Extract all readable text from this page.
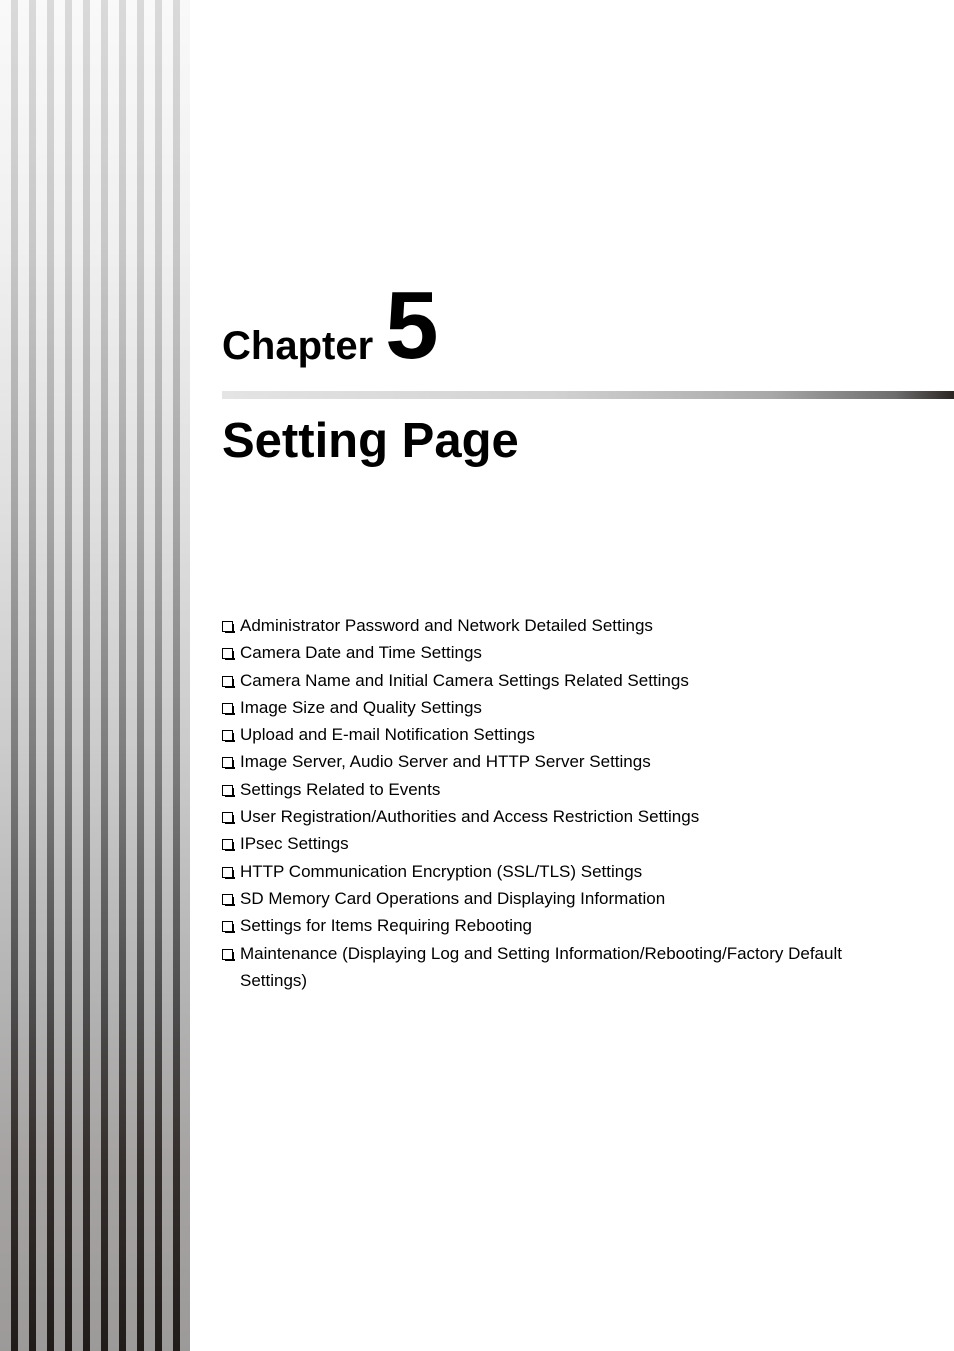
Chapter 5
Setting Page
Administrator Password and Network Detailed Settings
Camera Date and Time Settings
Camera Name and Initial Camera Settings Related Settings
Image Size and Quality Settings
Upload and E-mail Notification Settings
Image Server, Audio Server and HTTP Server Settings
Settings Related to Events
User Registration/Authorities and Access Restriction Settings
IPsec Settings
HTTP Communication Encryption (SSL/TLS) Settings
SD Memory Card Operations and Displaying Information
Settings for Items Requiring Rebooting
Maintenance (Displaying Log and Setting Information/Rebooting/Factory Default Settings)
